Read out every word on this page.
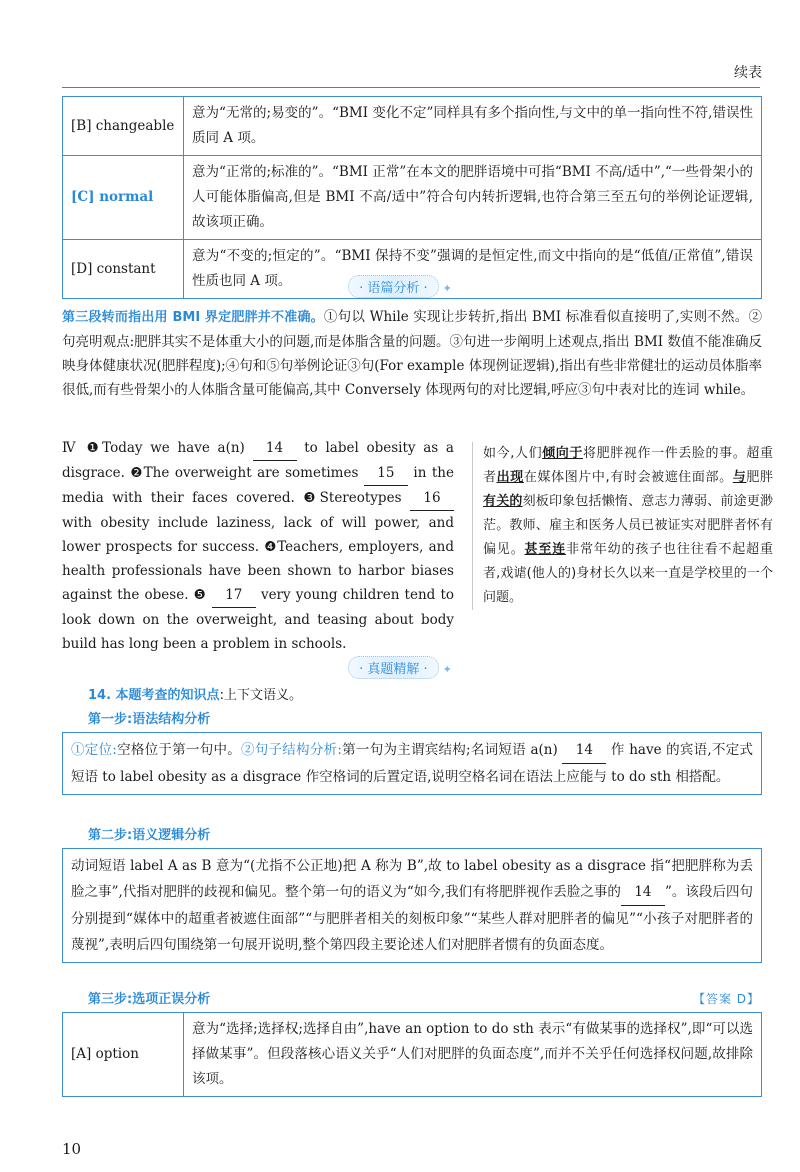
续表
[B] changeable	意为“无常的;易变的”。“BMI 变化不定”同样具有多个指向性,与文中的单一指向性不符,错误性质同 A 项。
[C] normal	意为“正常的;标准的”。“BMI 正常”在本文的肥胖语境中可指“BMI 不高/适中”,“一些骨架小的人可能体脂偏高,但是 BMI 不高/适中”符合句内转折逻辑,也符合第三至五句的举例论证逻辑,故该项正确。
[D] constant	意为“不变的;恒定的”。“BMI 保持不变”强调的是恒定性,而文中指向的是“低值/正常值”,错误性质也同 A 项。	· 语篇分析 · ✦
第三段转而指出用 BMI 界定肥胖并不准确。①句以 While 实现让步转折,指出 BMI 标准看似直接明了,实则不然。②句亮明观点:肥胖其实不是体重大小的问题,而是体脂含量的问题。③句进一步阐明上述观点,指出 BMI 数值不能准确反映身体健康状况(肥胖程度);④句和⑤句举例论证③句(For example 体现例证逻辑),指出有些非常健壮的运动员体脂率很低,而有些骨架小的人体脂含量可能偏高,其中 Conversely 体现两句的对比逻辑,呼应③句中表对比的连词 while。
Ⅳ ❶Today we have a(n) 14 to label obesity as a disgrace. ❷The overweight are sometimes 15 in the media with their faces covered. ❸Stereotypes 16 with obesity include laziness, lack of will power, and lower prospects for success. ❹Teachers, employers, and health professionals have been shown to harbor biases against the obese. ❺ 17 very young children tend to look down on the overweight, and teasing about body build has long been a problem in schools.
如今,人们倾向于将肥胖视作一件丢脸的事。超重者出现在媒体图片中,有时会被遮住面部。与肥胖有关的刻板印象包括懒惰、意志力薄弱、前途更渺茫。教师、雇主和医务人员已被证实对肥胖者怀有偏见。甚至连非常年幼的孩子也往往看不起超重者,戏谑(他人的)身材长久以来一直是学校里的一个问题。
· 真题精解 · ✦
14. 本题考查的知识点:上下文语义。
第一步:语法结构分析
①定位:空格位于第一句中。②句子结构分析:第一句为主谓宾结构;名词短语 a(n) 14 作 have 的宾语,不定式短语 to label obesity as a disgrace 作空格词的后置定语,说明空格名词在语法上应能与 to do sth 相搭配。
第二步:语义逻辑分析
动词短语 label A as B 意为“(尤指不公正地)把 A 称为 B”,故 to label obesity as a disgrace 指“把肥胖称为丢脸之事”,代指对肥胖的歧视和偏见。整个第一句的语义为“如今,我们有将肥胖视作丢脸之事的 14 ”。该段后四句分别提到“媒体中的超重者被遮住面部”“与肥胖者相关的刻板印象”“某些人群对肥胖者的偏见”“小孩子对肥胖者的蔑视”,表明后四句围绕第一句展开说明,整个第四段主要论述人们对肥胖者惯有的负面态度。
第三步:选项正误分析	【答案 D】
[A] option	意为“选择;选择权;选择自由”,have an option to do sth 表示“有做某事的选择权”,即“可以选择做某事”。但段落核心语义关乎“人们对肥胖的负面态度”,而并不关乎任何选择权问题,故排除该项。
10
